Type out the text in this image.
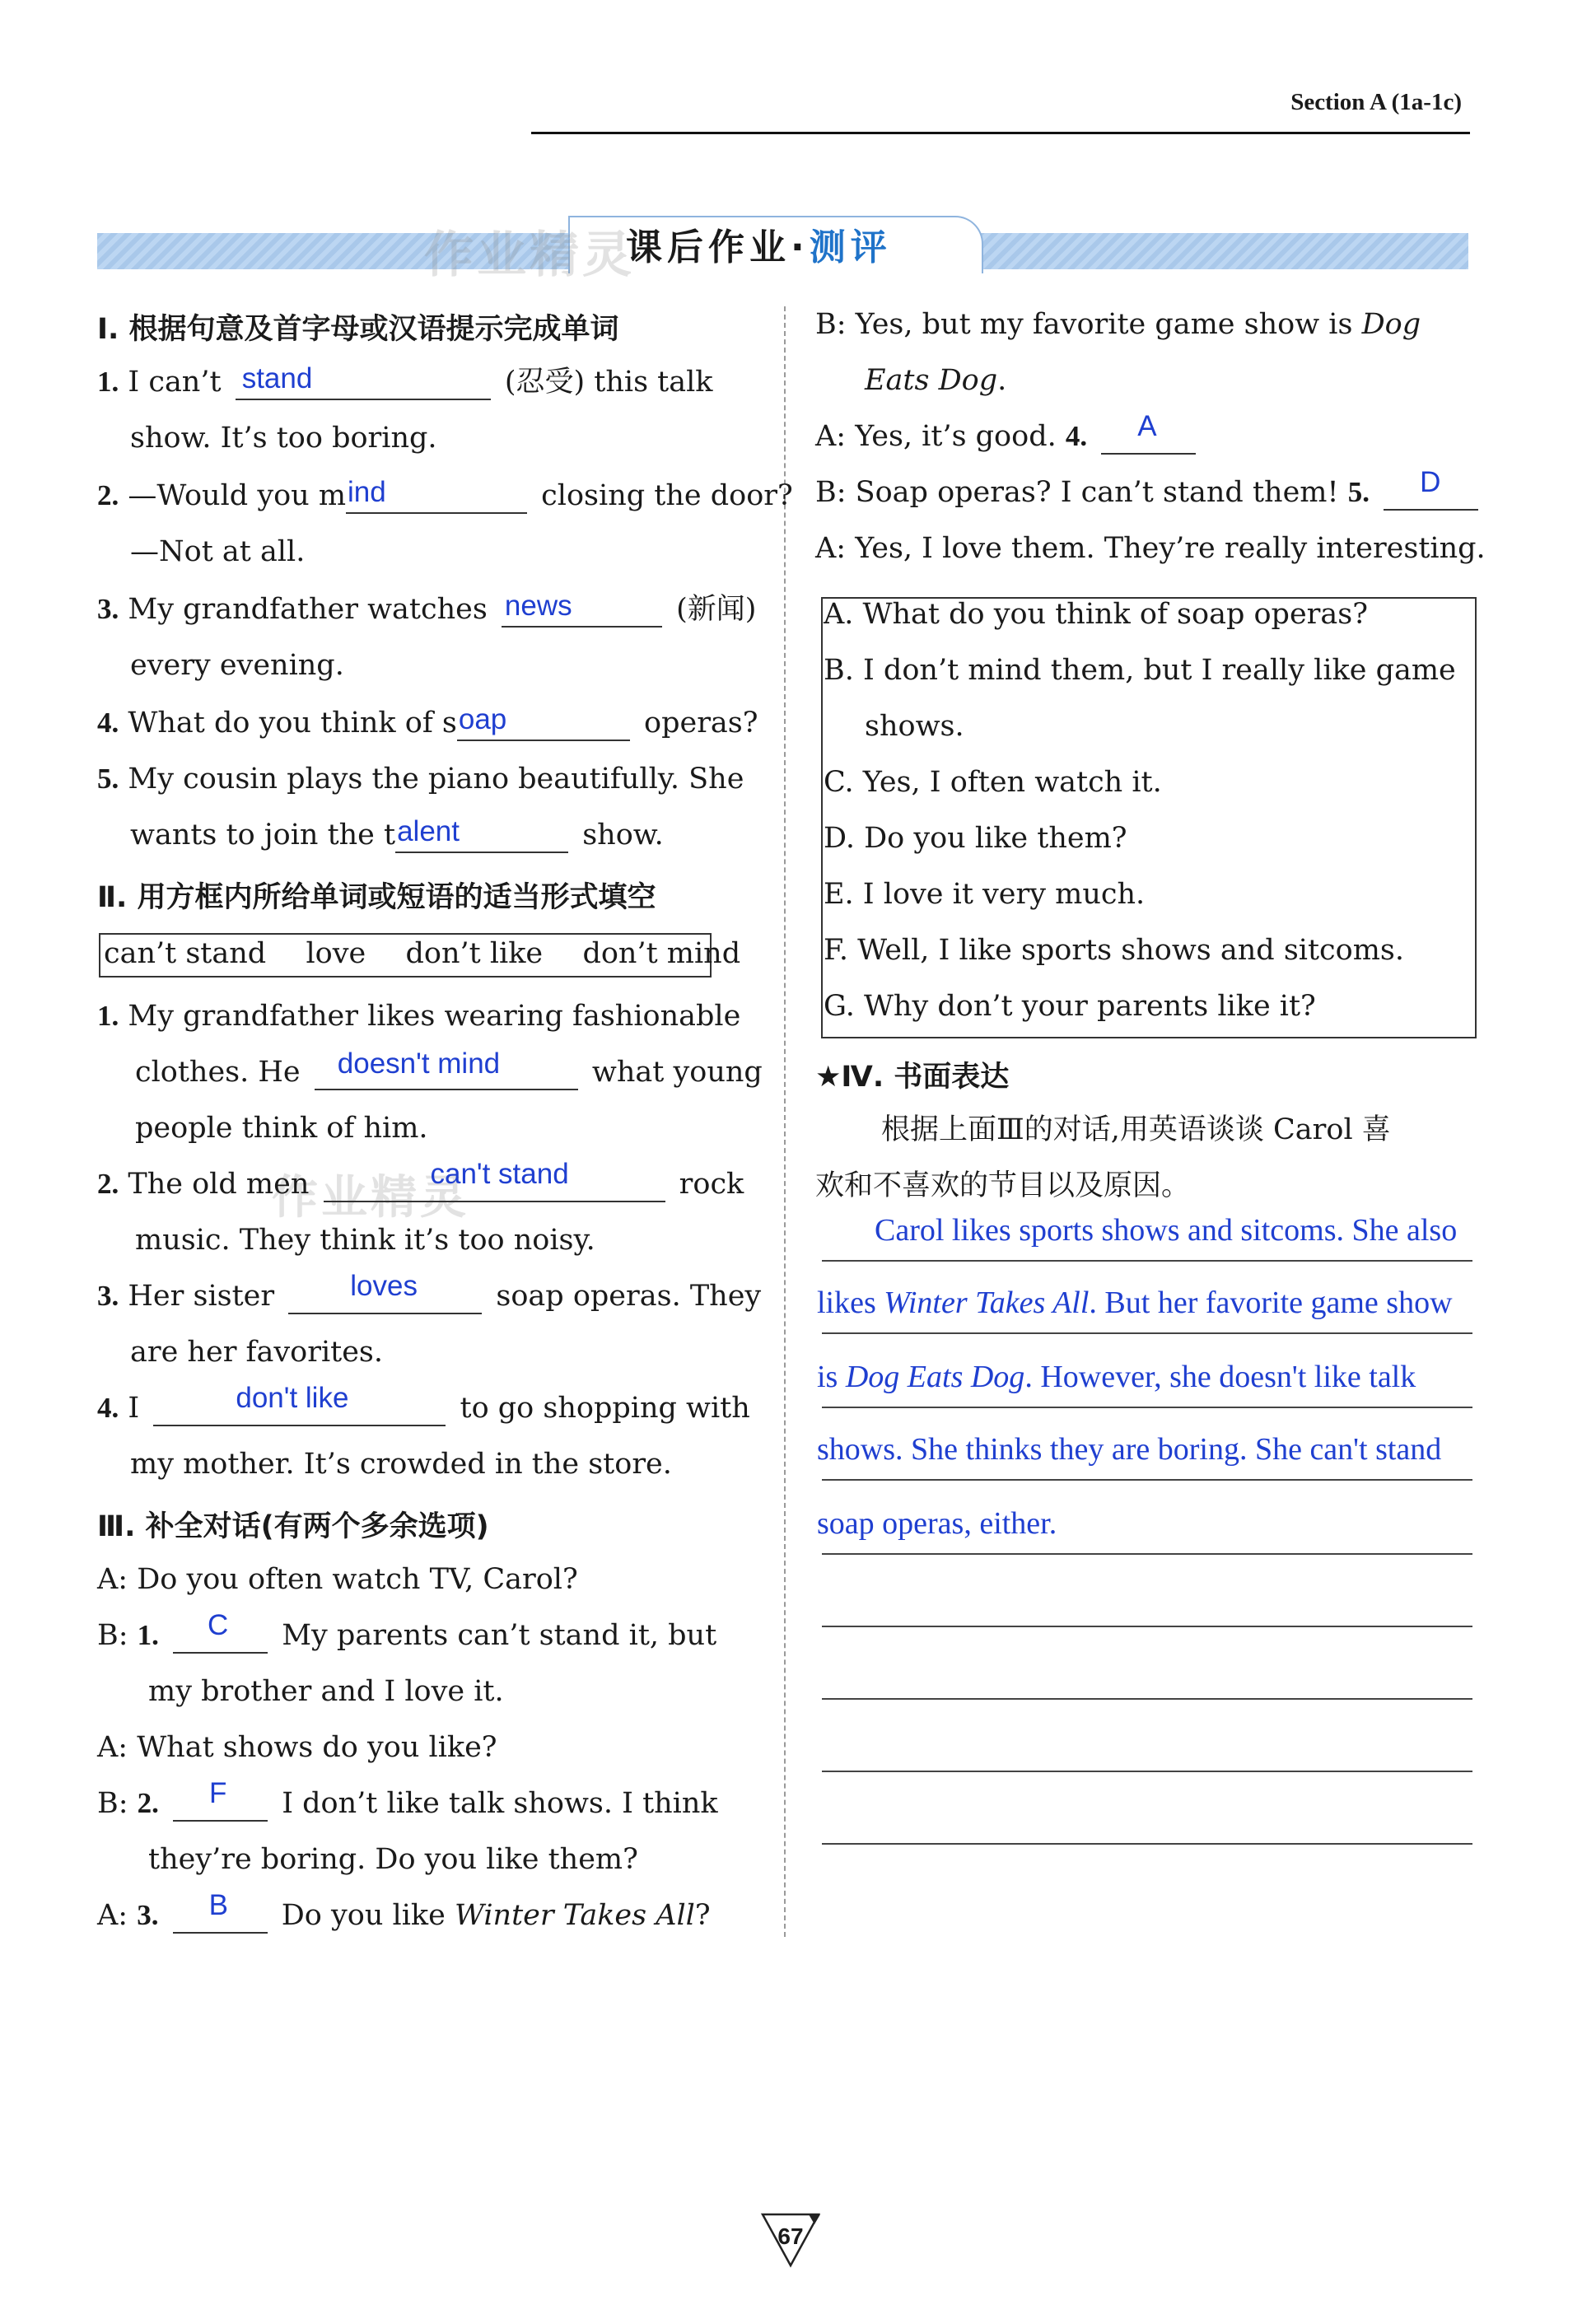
Section A (1a-1c)
作业精灵
课后作业·测评
Ⅰ. 根据句意及首字母或汉语提示完成单词
1. I can’t stand	(忍受) this talk
show. It’s too boring.
2. —Would you m ind	closing the door?
—Not at all.
3. My grandfather watches news	(新闻)
every evening.
4. What do you think of s oap	operas?
5. My cousin plays the piano beautifully. She
wants to join the t alent	show.
Ⅱ. 用方框内所给单词或短语的适当形式填空
can’t stand love don’t like don’t mind
1. My grandfather likes wearing fashionable
clothes. He doesn't mind	what young
people think of him.
作业精灵
2. The old men	can't stand	rock
music. They think it’s too noisy.
3. Her sister	loves	soap operas. They
are her favorites.
4. I	don't like	to go shopping with
my mother. It’s crowded in the store.
Ⅲ. 补全对话(有两个多余选项)
A: Do you often watch TV, Carol?
B: 1. C My parents can’t stand it, but
my brother and I love it.
A: What shows do you like?
B: 2. F I don’t like talk shows. I think
they’re boring. Do you like them?
A: 3. B Do you like Winter Takes All?
B: Yes, but my favorite game show is Dog
Eats Dog.
A: Yes, it’s good. 4. A
B: Soap operas? I can’t stand them! 5. D
A: Yes, I love them. They’re really interesting.
A. What do you think of soap operas?
B. I don’t mind them, but I really like game
shows.
C. Yes, I often watch it.
D. Do you like them?
E. I love it very much.
F. Well, I like sports shows and sitcoms.
G. Why don’t your parents like it?
★Ⅳ. 书面表达
根据上面Ⅲ的对话,用英语谈谈 Carol 喜
欢和不喜欢的节目以及原因。
Carol likes sports shows and sitcoms. She also
likes Winter Takes All. But her favorite game show
is Dog Eats Dog. However, she doesn't like talk
shows. She thinks they are boring. She can't stand
soap operas, either.
67
